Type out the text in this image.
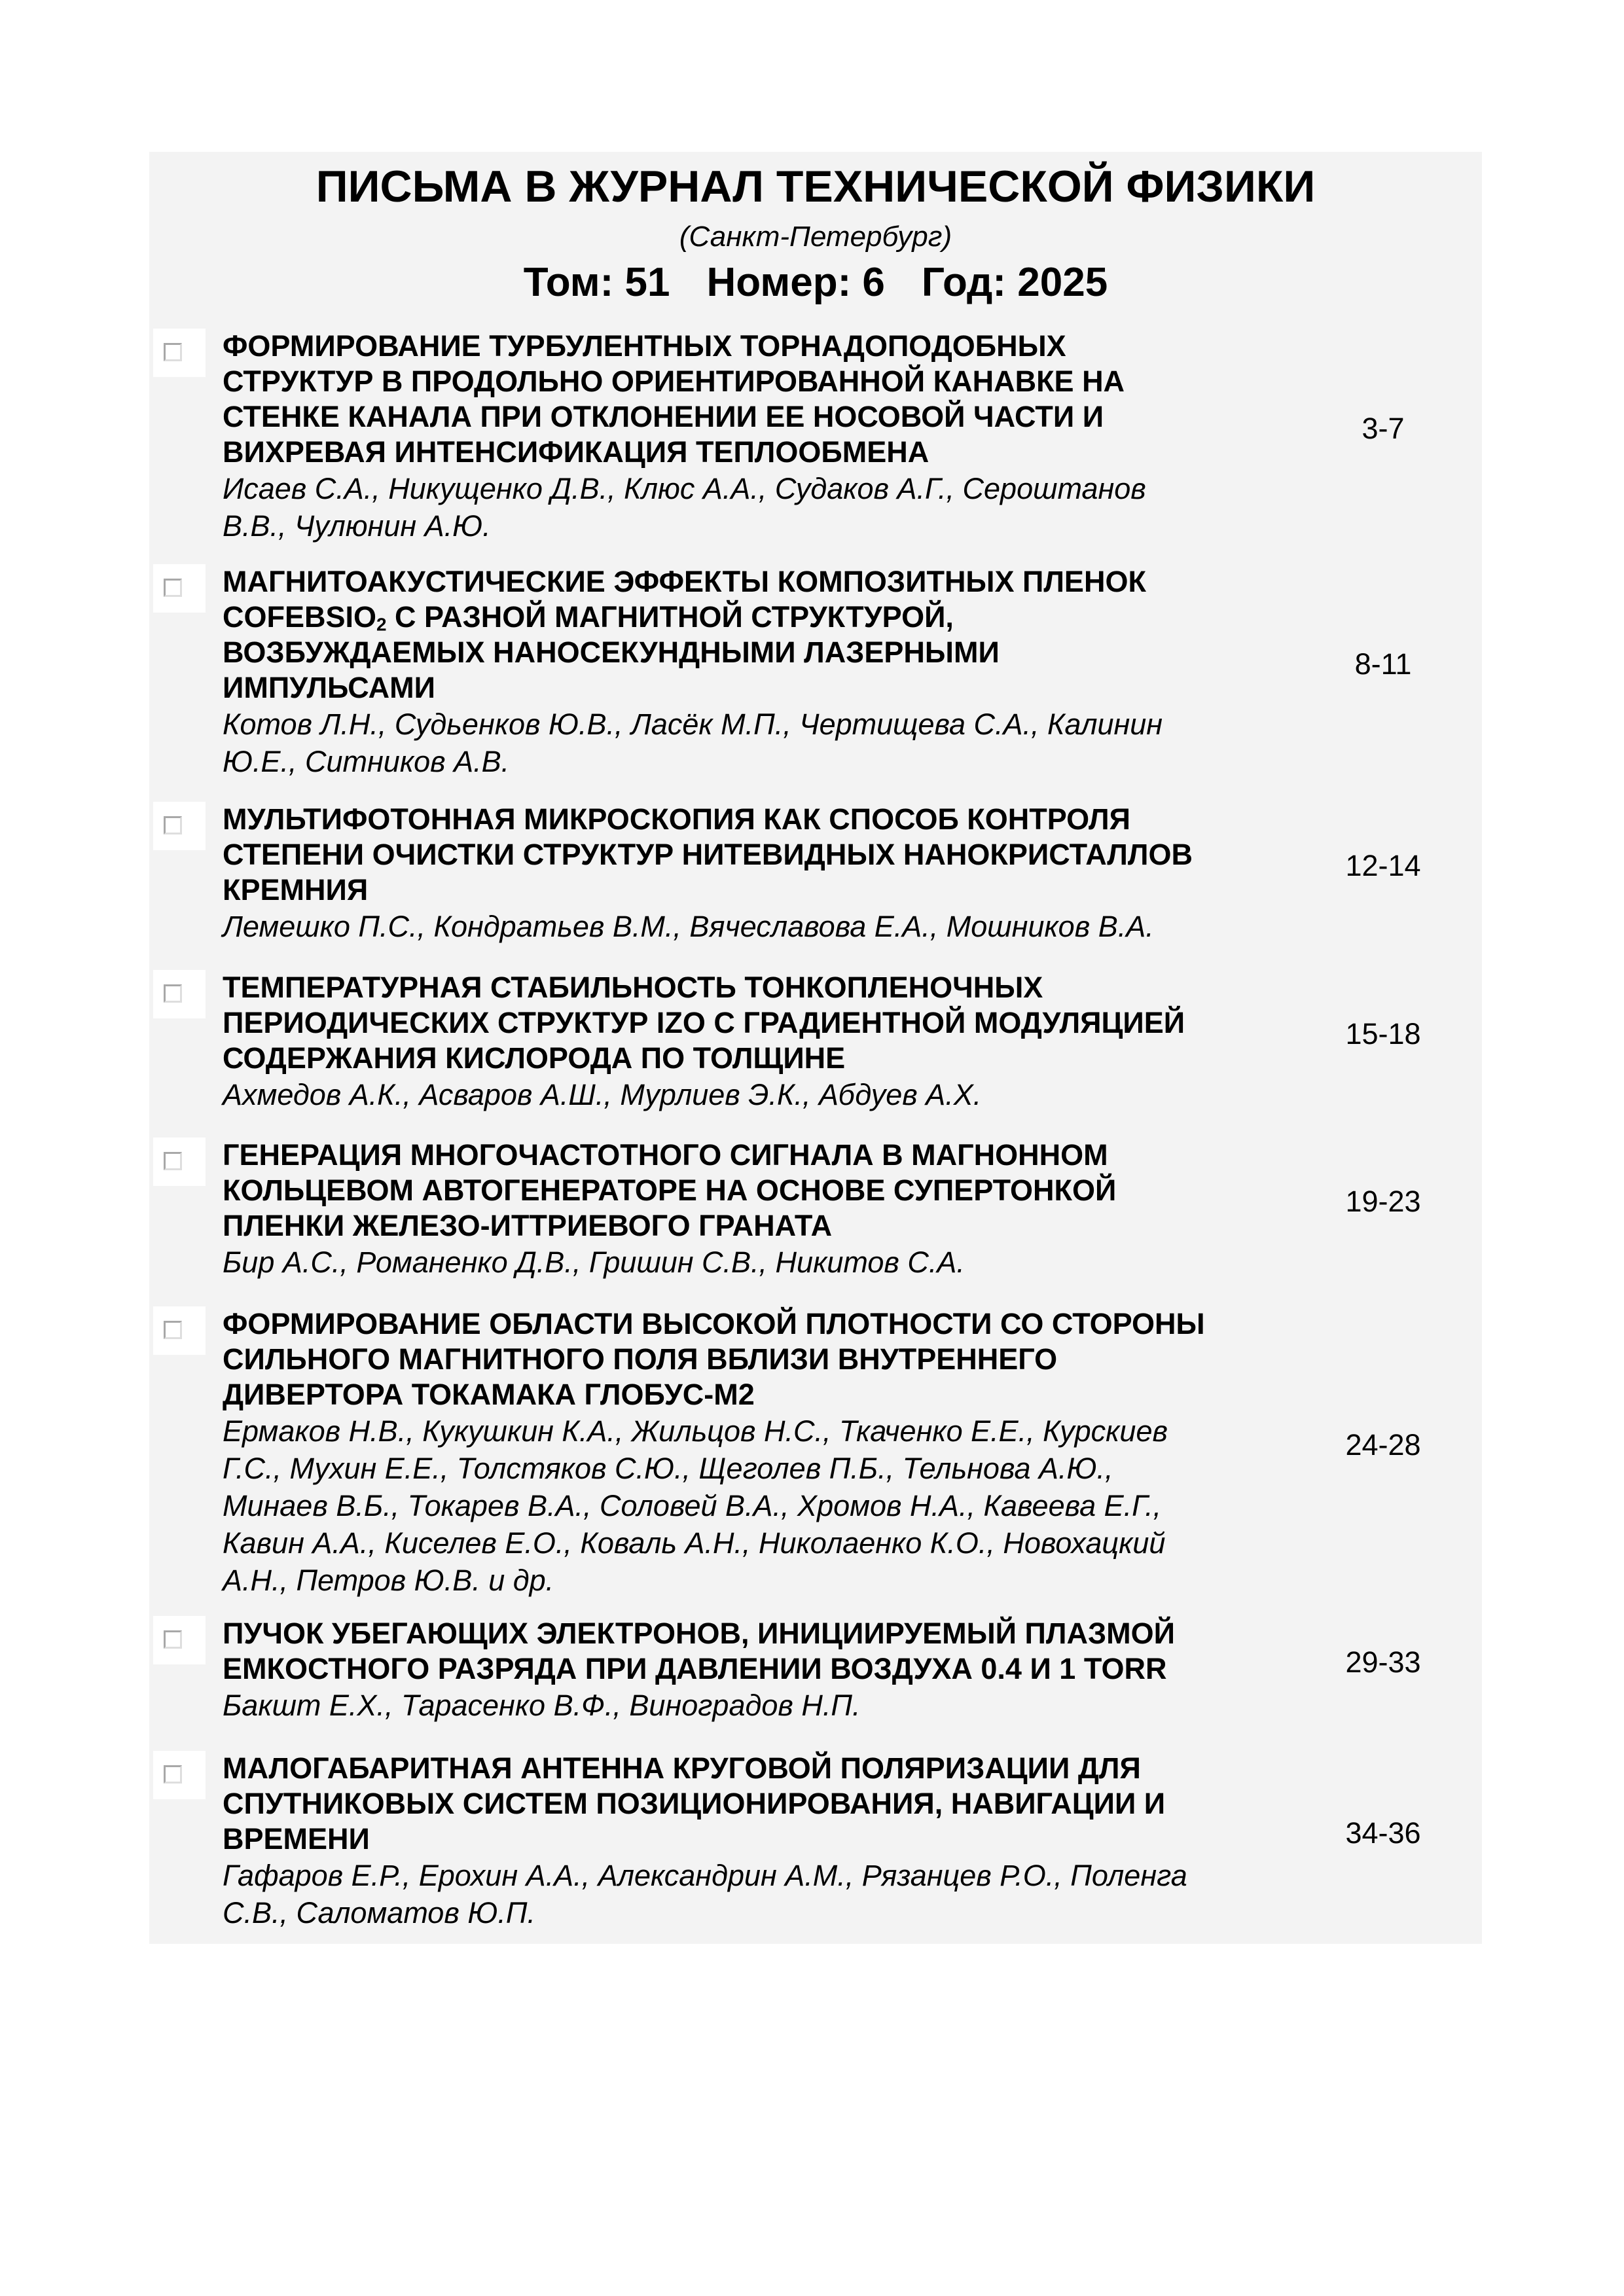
ПИСЬМА В ЖУРНАЛ ТЕХНИЧЕСКОЙ ФИЗИКИ
(Санкт-Петербург)
Том: 51 Номер: 6 Год: 2025
ФОРМИРОВАНИЕ ТУРБУЛЕНТНЫХ ТОРНАДОПОДОБНЫХ
СТРУКТУР В ПРОДОЛЬНО ОРИЕНТИРОВАННОЙ КАНАВКЕ НА
СТЕНКЕ КАНАЛА ПРИ ОТКЛОНЕНИИ ЕЕ НОСОВОЙ ЧАСТИ И
ВИХРЕВАЯ ИНТЕНСИФИКАЦИЯ ТЕПЛООБМЕНА
Исаев С.А., Никущенко Д.В., Клюс А.А., Судаков А.Г., Сероштанов
В.В., Чулюнин А.Ю.
3-7
МАГНИТОАКУСТИЧЕСКИЕ ЭФФЕКТЫ КОМПОЗИТНЫХ ПЛЕНОК
$COFEBSIO_2$ С РАЗНОЙ МАГНИТНОЙ СТРУКТУРОЙ,
ВОЗБУЖДАЕМЫХ НАНОСЕКУНДНЫМИ ЛАЗЕРНЫМИ
ИМПУЛЬСАМИ
Котов Л.Н., Судьенков Ю.В., Ласёк М.П., Чертищева С.А., Калинин
Ю.Е., Ситников А.В.
8-11
МУЛЬТИФОТОННАЯ МИКРОСКОПИЯ КАК СПОСОБ КОНТРОЛЯ
СТЕПЕНИ ОЧИСТКИ СТРУКТУР НИТЕВИДНЫХ НАНОКРИСТАЛЛОВ
КРЕМНИЯ
Лемешко П.С., Кондратьев В.М., Вячеславова Е.А., Мошников В.А.
12-14
ТЕМПЕРАТУРНАЯ СТАБИЛЬНОСТЬ ТОНКОПЛЕНОЧНЫХ
ПЕРИОДИЧЕСКИХ СТРУКТУР IZO С ГРАДИЕНТНОЙ МОДУЛЯЦИЕЙ
СОДЕРЖАНИЯ КИСЛОРОДА ПО ТОЛЩИНЕ
Ахмедов А.К., Асваров А.Ш., Мурлиев Э.К., Абдуев А.Х.
15-18
ГЕНЕРАЦИЯ МНОГОЧАСТОТНОГО СИГНАЛА В МАГНОННОМ
КОЛЬЦЕВОМ АВТОГЕНЕРАТОРЕ НА ОСНОВЕ СУПЕРТОНКОЙ
ПЛЕНКИ ЖЕЛЕЗО-ИТТРИЕВОГО ГРАНАТА
Бир А.С., Романенко Д.В., Гришин С.В., Никитов С.А.
19-23
ФОРМИРОВАНИЕ ОБЛАСТИ ВЫСОКОЙ ПЛОТНОСТИ СО СТОРОНЫ
СИЛЬНОГО МАГНИТНОГО ПОЛЯ ВБЛИЗИ ВНУТРЕННЕГО
ДИВЕРТОРА ТОКАМАКА ГЛОБУС-М2
Ермаков Н.В., Кукушкин К.А., Жильцов Н.С., Ткаченко Е.Е., Курскиев
Г.С., Мухин Е.Е., Толстяков С.Ю., Щеголев П.Б., Тельнова А.Ю.,
Минаев В.Б., Токарев В.А., Соловей В.А., Хромов Н.А., Кавеева Е.Г.,
Кавин А.А., Киселев Е.О., Коваль А.Н., Николаенко К.О., Новохацкий
А.Н., Петров Ю.В. и др.
24-28
ПУЧОК УБЕГАЮЩИХ ЭЛЕКТРОНОВ, ИНИЦИИРУЕМЫЙ ПЛАЗМОЙ
ЕМКОСТНОГО РАЗРЯДА ПРИ ДАВЛЕНИИ ВОЗДУХА 0.4 И 1 TORR
Бакшт Е.Х., Тарасенко В.Ф., Виноградов Н.П.
29-33
МАЛОГАБАРИТНАЯ АНТЕННА КРУГОВОЙ ПОЛЯРИЗАЦИИ ДЛЯ
СПУТНИКОВЫХ СИСТЕМ ПОЗИЦИОНИРОВАНИЯ, НАВИГАЦИИ И
ВРЕМЕНИ
Гафаров Е.Р., Ерохин А.А., Александрин А.М., Рязанцев Р.О., Поленга
С.В., Саломатов Ю.П.
34-36
